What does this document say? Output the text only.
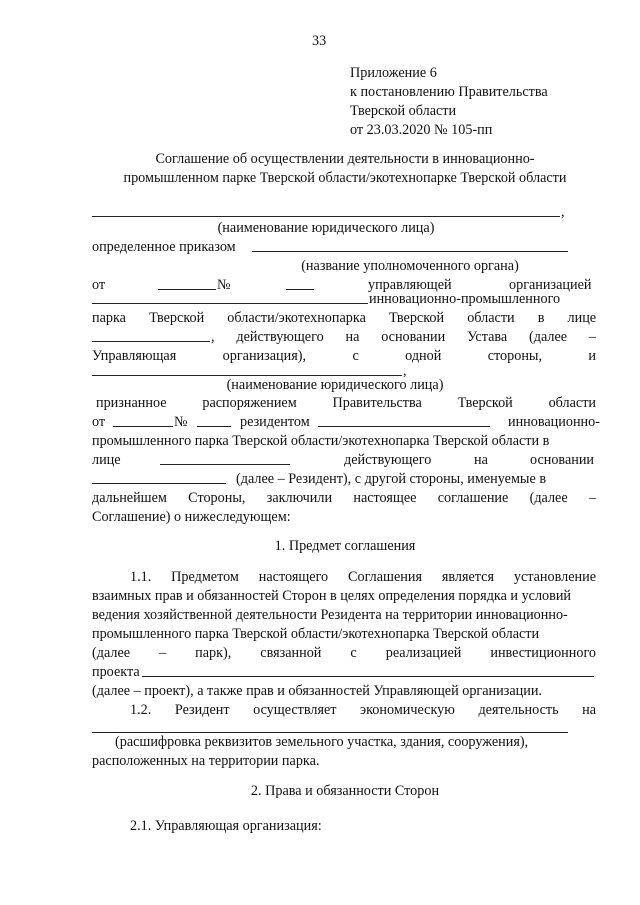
33
Приложение 6
к постановлению Правительства
Тверской области
от 23.03.2020 № 105-пп
Соглашение об осуществлении деятельности в инновационно-
промышленном парке Тверской области/экотехнопарке Тверской области
,
(наименование юридического лица)
определенное приказом
(название уполномоченного органа)
от	№	управляющей	организацией
инновационно-промышленного
парка Тверской области/экотехнопарка Тверской области в лице
, действующего на основании Устава (далее –
Управляющая	организация),	с	одной	стороны,	и
,
(наименование юридического лица)
признанное	распоряжением	Правительства	Тверской	области
от	№	резидентом	инновационно-
промышленного парка Тверской области/экотехнопарка Тверской области в
лице	действующего	на	основании
(далее – Резидент), с другой стороны, именуемые в
дальнейшем Стороны, заключили настоящее соглашение (далее –
Соглашение) о нижеследующем:
1. Предмет соглашения
1.1. Предметом настоящего Соглашения является установление
взаимных прав и обязанностей Сторон в целях определения порядка и условий
ведения хозяйственной деятельности Резидента на территории инновационно-
промышленного парка Тверской области/экотехнопарка Тверской области
(далее – парк), связанной с реализацией инвестиционного
проекта
(далее – проект), а также прав и обязанностей Управляющей организации.
1.2. Резидент осуществляет экономическую деятельность на
(расшифровка реквизитов земельного участка, здания, сооружения),
расположенных на территории парка.
2. Права и обязанности Сторон
2.1. Управляющая организация:
